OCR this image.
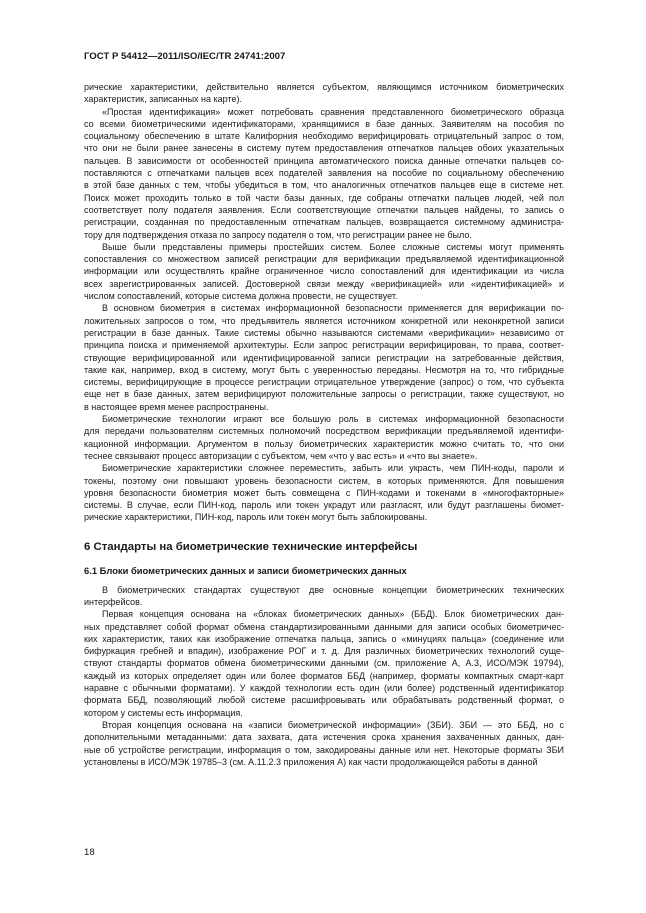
ГОСТ Р 54412—2011/ISO/IEC/TR 24741:2007
рические характеристики, действительно является субъектом, являющимся источником биометрических
характеристик, записанных на карте).
«Простая идентификация» может потребовать сравнения представленного биометрического образца
со всеми биометрическими идентификаторами, хранящимися в базе данных. Заявителям на пособия по
социальному обеспечению в штате Калифорния необходимо верифицировать отрицательный запрос о том,
что они не были ранее занесены в систему путем предоставления отпечатков пальцев обоих указательных
пальцев. В зависимости от особенностей принципа автоматического поиска данные отпечатки пальцев со-
поставляются с отпечатками пальцев всех подателей заявления на пособие по социальному обеспечению
в этой базе данных с тем, чтобы убедиться в том, что аналогичных отпечатков пальцев еще в системе нет.
Поиск может проходить только в той части базы данных, где собраны отпечатки пальцев людей, чей пол
соответствует полу подателя заявления. Если соответствующие отпечатки пальцев найдены, то запись о
регистрации, созданная по предоставленным отпечаткам пальцев, возвращается системному администра-
тору для подтверждения отказа по запросу подателя о том, что регистрации ранее не было.
Выше были представлены примеры простейших систем. Более сложные системы могут применять
сопоставления со множеством записей регистрации для верификации предъявляемой идентификационной
информации или осуществлять крайне ограниченное число сопоставлений для идентификации из числа
всех зарегистрированных записей. Достоверной связи между «верификацией» или «идентификацией» и
числом сопоставлений, которые система должна провести, не существует.
В основном биометрия в системах информационной безопасности применяется для верификации по-
ложительных запросов о том, что предъявитель является источником конкретной или неконкретной записи
регистрации в базе данных. Такие системы обычно называются системами «верификации» независимо от
принципа поиска и применяемой архитектуры. Если запрос регистрации верифицирован, то права, соответ-
ствующие верифицированной или идентифицированной записи регистрации на затребованные действия,
такие как, например, вход в систему, могут быть с уверенностью переданы. Несмотря на то, что гибридные
системы, верифицирующие в процессе регистрации отрицательное утверждение (запрос) о том, что субъекта
еще нет в базе данных, затем верифицируют положительные запросы о регистрации, также существуют, но
в настоящее время менее распространены.
Биометрические технологии играют все большую роль в системах информационной безопасности
для передачи пользователям системных полномочий посредством верификации предъявляемой идентифи-
кационной информации. Аргументом в пользу биометрических характеристик можно считать то, что они
теснее связывают процесс авторизации с субъектом, чем «что у вас есть» и «что вы знаете».
Биометрические характеристики сложнее переместить, забыть или украсть, чем ПИН-коды, пароли и
токены, поэтому они повышают уровень безопасности систем, в которых применяются. Для повышения
уровня безопасности биометрия может быть совмещена с ПИН-кодами и токенами в «многофакторные»
системы. В случае, если ПИН-код, пароль или токен украдут или разгласят, или будут разглашены биомет-
рические характеристики, ПИН-код, пароль или токен могут быть заблокированы.
6 Стандарты на биометрические технические интерфейсы
6.1 Блоки биометрических данных и записи биометрических данных
В биометрических стандартах существуют две основные концепции биометрических технических
интерфейсов.
Первая концепция основана на «блоках биометрических данных» (ББД). Блок биометрических дан-
ных представляет собой формат обмена стандартизированными данными для записи особых биометричес-
ких характеристик, таких как изображение отпечатка пальца, запись о «минуциях пальца» (соединение или
бифуркация гребней и впадин), изображение РОГ и т. д. Для различных биометрических технологий суще-
ствуют стандарты форматов обмена биометрическими данными (см. приложение А, А.3, ИСО/МЭК 19794),
каждый из которых определяет один или более форматов ББД (например, форматы компактных смарт-карт
наравне с обычными форматами). У каждой технологии есть один (или более) родственный идентификатор
формата ББД, позволяющий любой системе расшифровывать или обрабатывать родственный формат, о
котором у системы есть информация.
Вторая концепция основана на «записи биометрической информации» (ЗБИ). ЗБИ — это ББД, но с
дополнительными метаданными: дата захвата, дата истечения срока хранения захваченных данных, дан-
ные об устройстве регистрации, информация о том, закодированы данные или нет. Некоторые форматы ЗБИ
установлены в ИСО/МЭК 19785–3 (см. А.11.2.3 приложения А) как части продолжающейся работы в данной
18
